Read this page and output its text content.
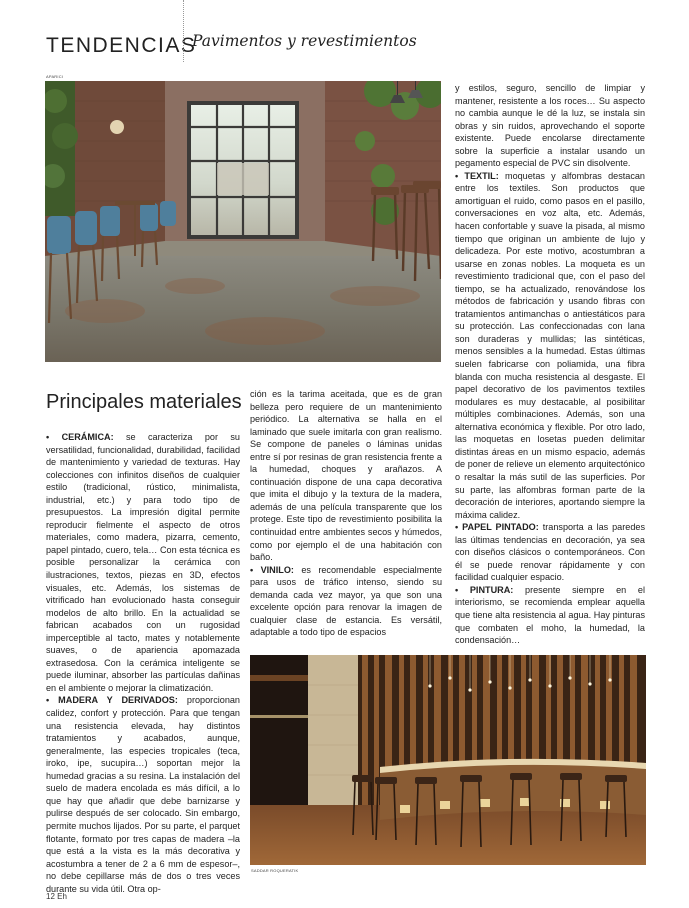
TENDENCIAS
Pavimentos y revestimientos
APARICI
Principales materiales

• CERÁMICA: se caracteriza por su versatilidad, funcionalidad, durabilidad, facilidad de mantenimiento y variedad de texturas. Hay colecciones con infinitos diseños de cualquier estilo (tradicional, rústico, minimalista, industrial, etc.) y para todo tipo de presupuestos. La impresión digital permite reproducir fielmente el aspecto de otros materiales, como madera, pizarra, cemento, papel pintado, cuero, tela… Con esta técnica es posible personalizar la cerámica con ilustraciones, textos, piezas en 3D, efectos visuales, etc. Además, los sistemas de vitrificado han evolucionado hasta conseguir modelos de alto brillo. En la actualidad se fabrican acabados con un rugosidad imperceptible al tacto, mates y notablemente suaves, o de apariencia apomazada extrasedosa. Con la cerámica inteligente se puede iluminar, absorber las partículas dañinas en el ambiente o mejorar la climatización.

• MADERA Y DERIVADOS: proporcionan calidez, confort y protección. Para que tengan una resistencia elevada, hay distintos tratamientos y acabados, aunque, generalmente, las especies tropicales (teca, iroko, ipe, sucupira…) soportan mejor la humedad gracias a su resina. La instalación del suelo de madera encolada es más difícil, a lo que hay que añadir que debe barnizarse y pulirse después de ser colocado. Sin embargo, permite muchos lijados. Por su parte, el parquet flotante, formato por tres capas de madera –la que está a la vista es la más decorativa y acostumbra a tener de 2 a 6 mm de espesor–, no debe cepillarse más de dos o tres veces durante su vida útil. Otra op-

ción es la tarima aceitada, que es de gran belleza pero requiere de un mantenimiento periódico. La alternativa se halla en el laminado que suele imitarla con gran realismo. Se compone de paneles o láminas unidas entre sí por resinas de gran resistencia frente a la humedad, choques y arañazos. A continuación dispone de una capa decorativa que imita el dibujo y la textura de la madera, además de una película transparente que los protege. Este tipo de revestimiento posibilita la continuidad entre ambientes secos y húmedos, como por ejemplo el de una habitación con baño.

• VINILO: es recomendable especialmente para usos de tráfico intenso, siendo su demanda cada vez mayor, ya que son una excelente opción para renovar la imagen de cualquier clase de estancia. Es versátil, adaptable a todo tipo de espacios

y estilos, seguro, sencillo de limpiar y mantener, resistente a los roces… Su aspecto no cambia aunque le dé la luz, se instala sin obras y sin ruidos, aprovechando el soporte existente. Puede encolarse directamente sobre la superficie a instalar usando un pegamento especial de PVC sin disolvente.

• TEXTIL: moquetas y alfombras destacan entre los textiles. Son productos que amortiguan el ruido, como pasos en el pasillo, conversaciones en voz alta, etc. Además, hacen confortable y suave la pisada, al mismo tiempo que originan un ambiente de lujo y delicadeza. Por este motivo, acostumbran a usarse en zonas nobles. La moqueta es un revestimiento tradicional que, con el paso del tiempo, se ha actualizado, renovándose los métodos de fabricación y usando fibras con tratamientos antimanchas o antiestáticos para su protección. Las confeccionadas con lana son duraderas y mullidas; las sintéticas, menos sensibles a la humedad. Estas últimas suelen fabricarse con poliamida, una fibra blanda con mucha resistencia al desgaste. El papel decorativo de los pavimentos textiles modulares es muy destacable, al posibilitar múltiples combinaciones. Además, son una alternativa económica y flexible. Por otro lado, las moquetas en losetas pueden delimitar distintas áreas en un mismo espacio, además de poner de relieve un elemento arquitectónico o resaltar la más sutil de las superficies. Por su parte, las alfombras forman parte de la decoración de interiores, aportando siempre la máxima calidez.

• PAPEL PINTADO: transporta a las paredes las últimas tendencias en decoración, ya sea con diseños clásicos o contemporáneos. Con él se puede renovar rápidamente y con facilidad cualquier espacio.

• PINTURA: presente siempre en el interiorismo, se recomienda emplear aquella que tiene alta resistencia al agua. Hay pinturas que combaten el moho, la humedad, la condensación…

SADDAR ROQUERATIK
12 Eh
